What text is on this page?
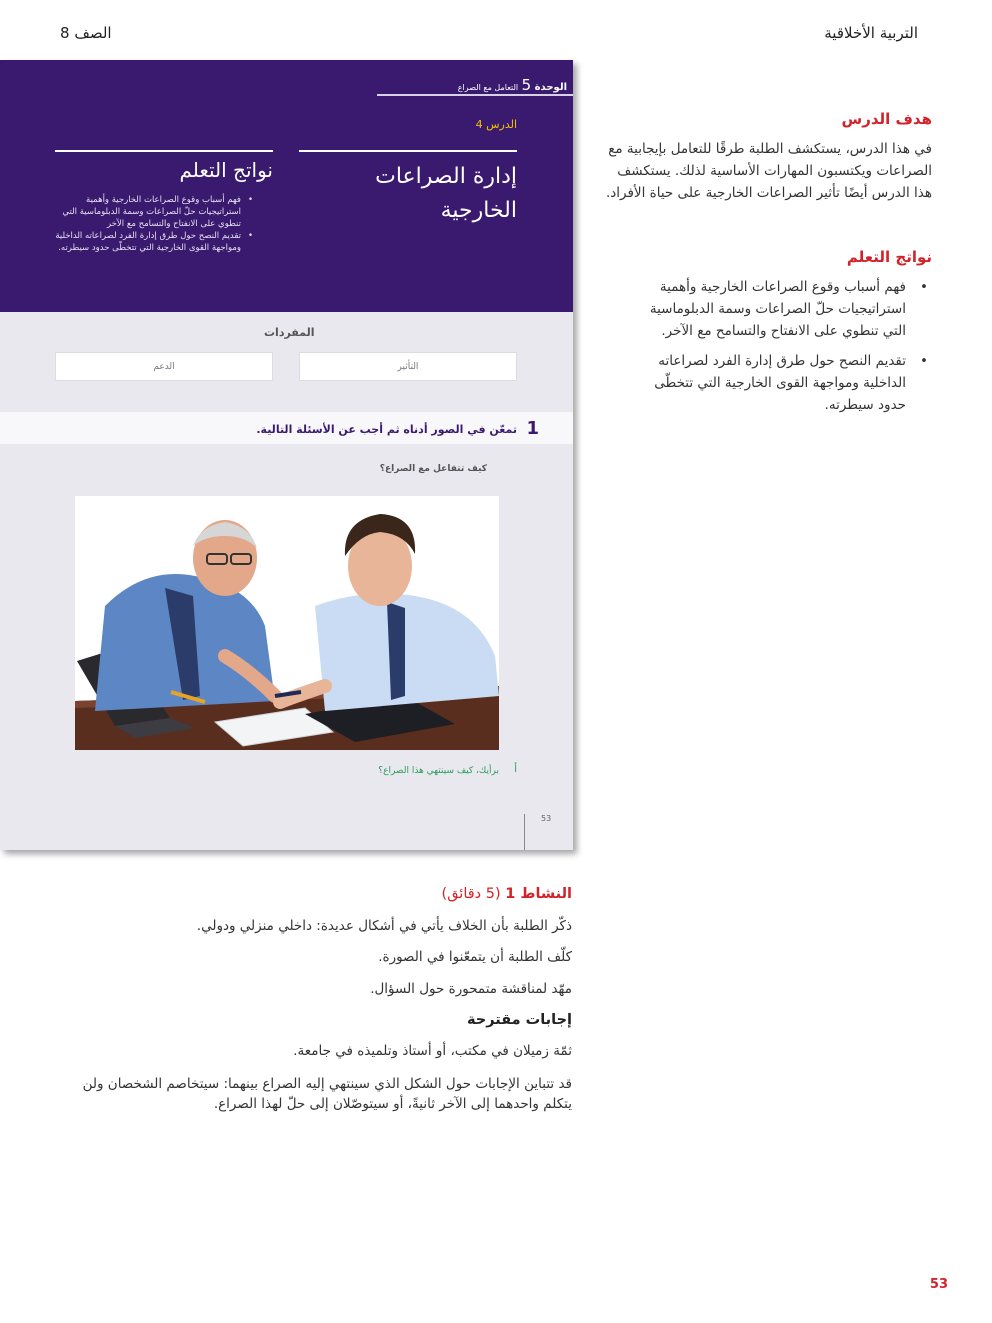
التربية الأخلاقية
الصف 8
هدف الدرس
في هذا الدرس، يستكشف الطلبة طرقًا للتعامل بإيجابية مع الصراعات ويكتسبون المهارات الأساسية لذلك. يستكشف هذا الدرس أيضًا تأثير الصراعات الخارجية على حياة الأفراد.
نواتج التعلم
• فهم أسباب وقوع الصراعات الخارجية وأهمية استراتيجيات حلّ الصراعات وسمة الدبلوماسية التي تنطوي على الانفتاح والتسامح مع الآخر.
• تقديم النصح حول طرق إدارة الفرد لصراعاته الداخلية ومواجهة القوى الخارجية التي تتخطّى حدود سيطرته.
الوحدة 5 التعامل مع الصراع
الدرس 4
إدارة الصراعات الخارجية
نواتج التعلم
• فهم أسباب وقوع الصراعات الخارجية وأهمية استراتيجيات حلّ الصراعات وسمة الدبلوماسية التي تنطوي على الانفتاح والتسامح مع الآخر
• تقديم النصح حول طرق إدارة الفرد لصراعاته الداخلية ومواجهة القوى الخارجية التي تتخطّى حدود سيطرته.
المفردات
التأثير
الدعم
1
تمعّن في الصور أدناه ثم أجب عن الأسئلة التالية.
كيف تتفاعل مع الصراع؟
أ
برأيك، كيف سينتهي هذا الصراع؟
53
النشاط 1 (5 دقائق)
ذكّر الطلبة بأن الخلاف يأتي في أشكال عديدة: داخلي منزلي ودولي.
كلّف الطلبة أن يتمعّنوا في الصورة.
مهّد لمناقشة متمحورة حول السؤال.
إجابات مقترحة
ثمّة زميلان في مكتب، أو أستاذ وتلميذه في جامعة.
قد تتباين الإجابات حول الشكل الذي سينتهي إليه الصراع بينهما: سيتخاصم الشخصان ولن يتكلم واحدهما إلى الآخر ثانيةً، أو سيتوصّلان إلى حلّ لهذا الصراع.
53
